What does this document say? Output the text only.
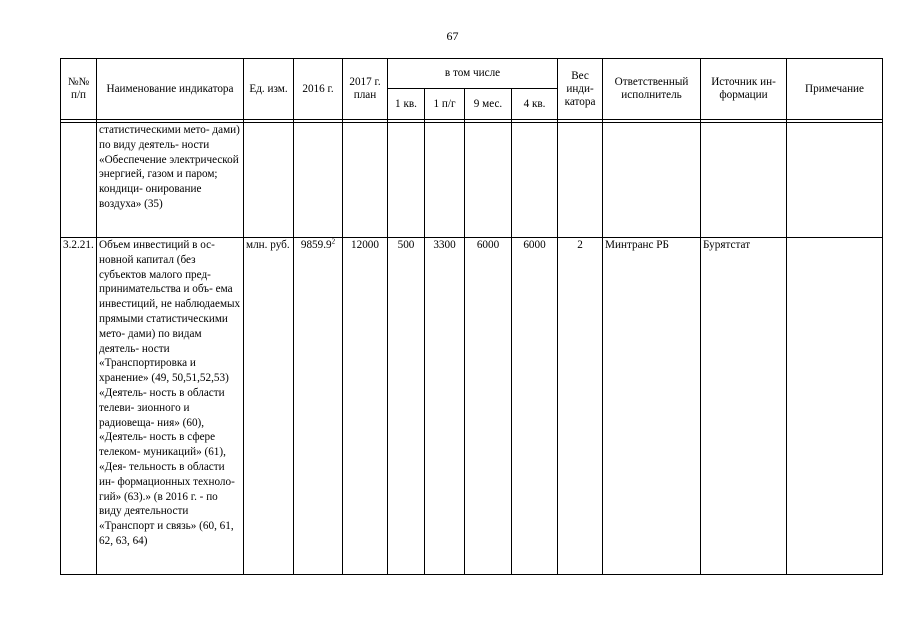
67
№№ п/п	Наименование индикатора	Ед. изм.	2016 г.	2017 г. план	в том числе				Вес инди- катора	Ответственный исполнитель	Источник ин- формации	Примечание
					1 кв.	1 п/г	9 мес.	4 кв.				

	статистическими мето- дами) по виду деятель- ности «Обеспечение электрической энергией, газом и паром; кондици- онирование воздуха» (35)											
3.2.21.	Объем инвестиций в ос- новной капитал (без субъектов малого пред- принимательства и объ- ема инвестиций, не наблюдаемых прямыми статистическими мето- дами) по видам деятель- ности «Транспортировка и хранение» (49, 50,51,52,53) «Деятель- ность в области телеви- зионного и радиовеща- ния» (60), «Деятель- ность в сфере телеком- муникаций» (61), «Дея- тельность в области ин- формационных техноло- гий» (63).» (в 2016 г. - по виду деятельности «Транспорт и связь» (60, 61, 62, 63, 64)	млн. руб.	9859.9$^2$	12000	500	3300	6000	6000	2	Минтранс РБ	Бурятстат	
